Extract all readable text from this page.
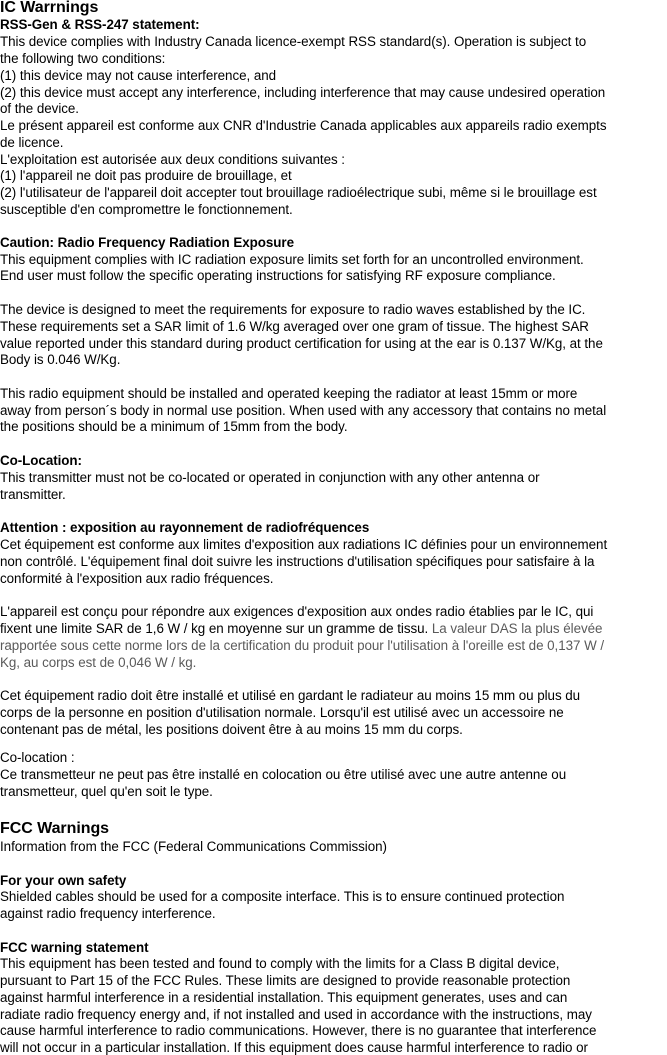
IC Warrnings
RSS-Gen & RSS-247 statement:
This device complies with Industry Canada licence-exempt RSS standard(s). Operation is subject to
the following two conditions:
(1) this device may not cause interference, and
(2) this device must accept any interference, including interference that may cause undesired operation
of the device.
Le présent appareil est conforme aux CNR d'Industrie Canada applicables aux appareils radio exempts
de licence.
L'exploitation est autorisée aux deux conditions suivantes :
(1) l'appareil ne doit pas produire de brouillage, et
(2) l'utilisateur de l'appareil doit accepter tout brouillage radioélectrique subi, même si le brouillage est
susceptible d'en compromettre le fonctionnement.
Caution: Radio Frequency Radiation Exposure
This equipment complies with IC radiation exposure limits set forth for an uncontrolled environment.
End user must follow the specific operating instructions for satisfying RF exposure compliance.
The device is designed to meet the requirements for exposure to radio waves established by the IC.
These requirements set a SAR limit of 1.6 W/kg averaged over one gram of tissue. The highest SAR
value reported under this standard during product certification for using at the ear is 0.137 W/Kg, at the
Body is 0.046 W/Kg.
This radio equipment should be installed and operated keeping the radiator at least 15mm or more
away from person´s body in normal use position. When used with any accessory that contains no metal
the positions should be a minimum of 15mm from the body.
Co-Location:
This transmitter must not be co-located or operated in conjunction with any other antenna or
transmitter.
Attention : exposition au rayonnement de radiofréquences
Cet équipement est conforme aux limites d'exposition aux radiations IC définies pour un environnement
non contrôlé. L'équipement final doit suivre les instructions d'utilisation spécifiques pour satisfaire à la
conformité à l'exposition aux radio fréquences.
L'appareil est conçu pour répondre aux exigences d'exposition aux ondes radio établies par le IC, qui
fixent une limite SAR de 1,6 W / kg en moyenne sur un gramme de tissu. La valeur DAS la plus élevée
rapportée sous cette norme lors de la certification du produit pour l'utilisation à l'oreille est de 0,137 W /
Kg, au corps est de 0,046 W / kg.
Cet équipement radio doit être installé et utilisé en gardant le radiateur au moins 15 mm ou plus du
corps de la personne en position d'utilisation normale. Lorsqu'il est utilisé avec un accessoire ne
contenant pas de métal, les positions doivent être à au moins 15 mm du corps.
Co-location :
Ce transmetteur ne peut pas être installé en colocation ou être utilisé avec une autre antenne ou
transmetteur, quel qu'en soit le type.
FCC Warnings
Information from the FCC (Federal Communications Commission)
For your own safety
Shielded cables should be used for a composite interface. This is to ensure continued protection
against radio frequency interference.
FCC warning statement
This equipment has been tested and found to comply with the limits for a Class B digital device,
pursuant to Part 15 of the FCC Rules. These limits are designed to provide reasonable protection
against harmful interference in a residential installation. This equipment generates, uses and can
radiate radio frequency energy and, if not installed and used in accordance with the instructions, may
cause harmful interference to radio communications. However, there is no guarantee that interference
will not occur in a particular installation. If this equipment does cause harmful interference to radio or
